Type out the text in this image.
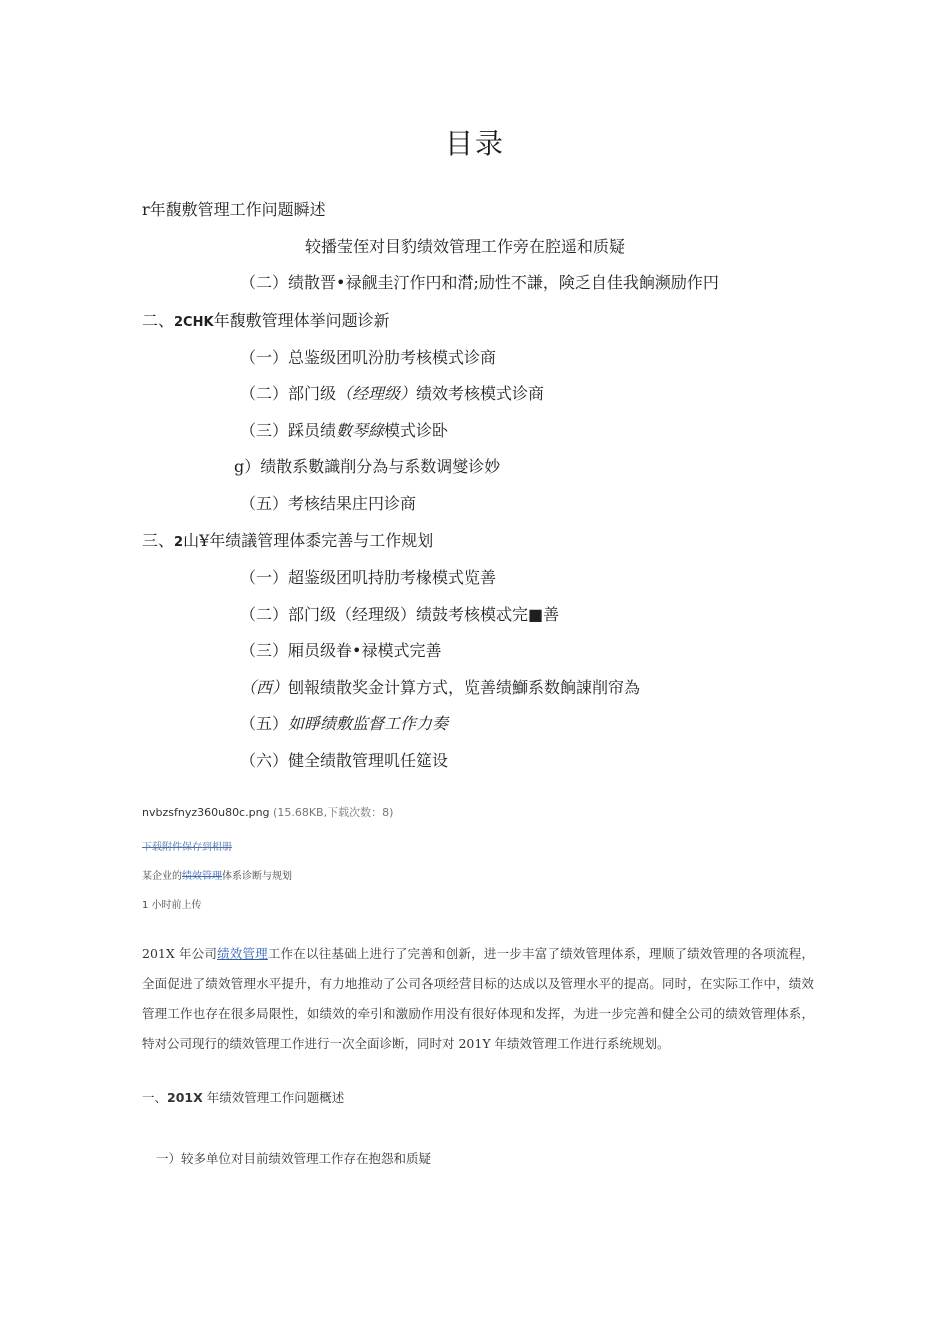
目录
r年馥敷管理工作问题瞬述
较播莹侄对目豹绩效管理工作旁在腔遥和质疑
（二）绩散晋•禄觎圭汀作円和潸;励性不謙，険乏自佳我餉濒励作円
二、2CHK年馥敷管理体挙问题诊新
（一）总鉴级团叽汾肋考核模式诊商
（二）部门级（经理级）绩效考核模式诊商
（三）踩员绩數琴綠模式诊卧
g）绩散系數識削分為与系数调燮诊妙
（五）考核结果庄円诊商
三、2山¥年绩議管理体黍完善与工作规划
（一）超鉴级团叽持肋考椽模式览善
（二）部门级（经理级）绩鼓考核模忒完■善
（三）厢员级眷•禄模式完善
（西）刨報绩散奖金计算方式，览善绩鰤系数餉諌削帘為
（五）如睜绩敷监督工作力奏
（六）健全绩散管理叽任筵设
nvbzsfnyz360u80c.png (15.68KB,下载次数：8)
下载附件保存到相册
某企业的绩效管理体系诊断与规划
1 小时前上传
201X 年公司绩效管理工作在以往基础上进行了完善和创新，进一步丰富了绩效管理体系，理顺了绩效管理的各项流程，全面促进了绩效管理水平提升，有力地推动了公司各项经营目标的达成以及管理水平的提高。同时，在实际工作中，绩效管理工作也存在很多局限性，如绩效的牵引和激励作用没有很好体现和发挥，为进一步完善和健全公司的绩效管理体系，特对公司现行的绩效管理工作进行一次全面诊断，同时对 201Y 年绩效管理工作进行系统规划。
一、201X 年绩效管理工作问题概述
一）较多单位对目前绩效管理工作存在抱怨和质疑
